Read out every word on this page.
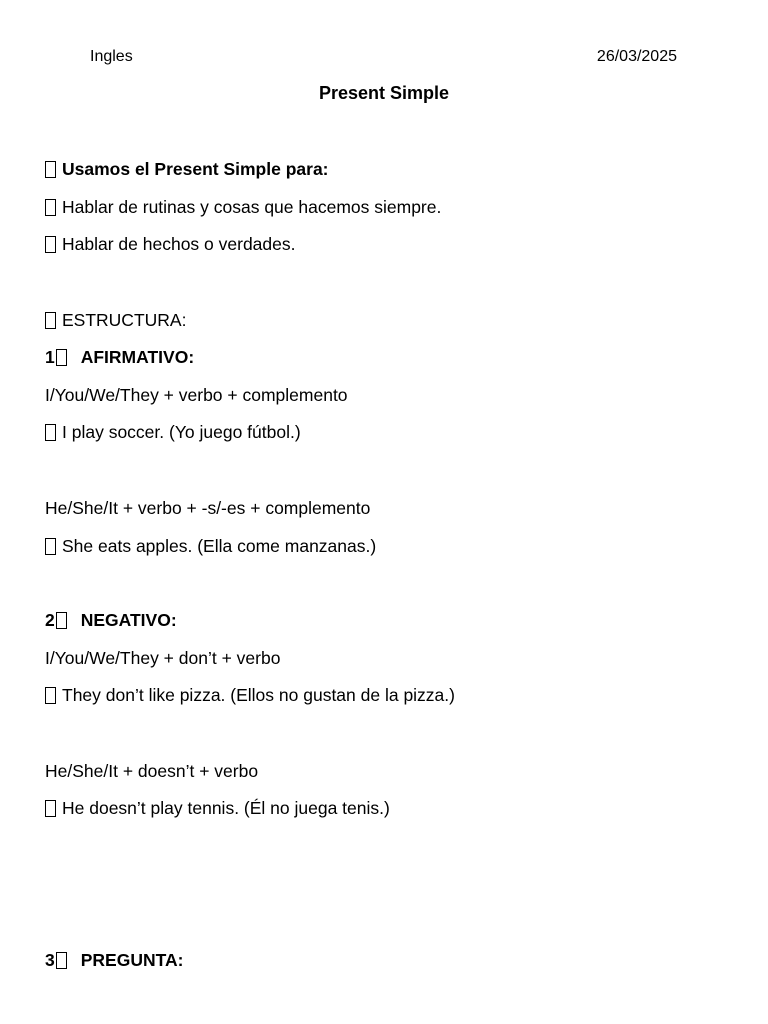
Ingles	26/03/2025
Present Simple
Usamos el Present Simple para:
Hablar de rutinas y cosas que hacemos siempre.
Hablar de hechos o verdades.
ESTRUCTURA:
1 AFIRMATIVO:
I/You/We/They + verbo + complemento
I play soccer. (Yo juego fútbol.)
He/She/It + verbo + -s/-es + complemento
She eats apples. (Ella come manzanas.)
2 NEGATIVO:
I/You/We/They + don’t + verbo
They don’t like pizza. (Ellos no gustan de la pizza.)
He/She/It + doesn’t + verbo
He doesn’t play tennis. (Él no juega tenis.)
3 PREGUNTA:
